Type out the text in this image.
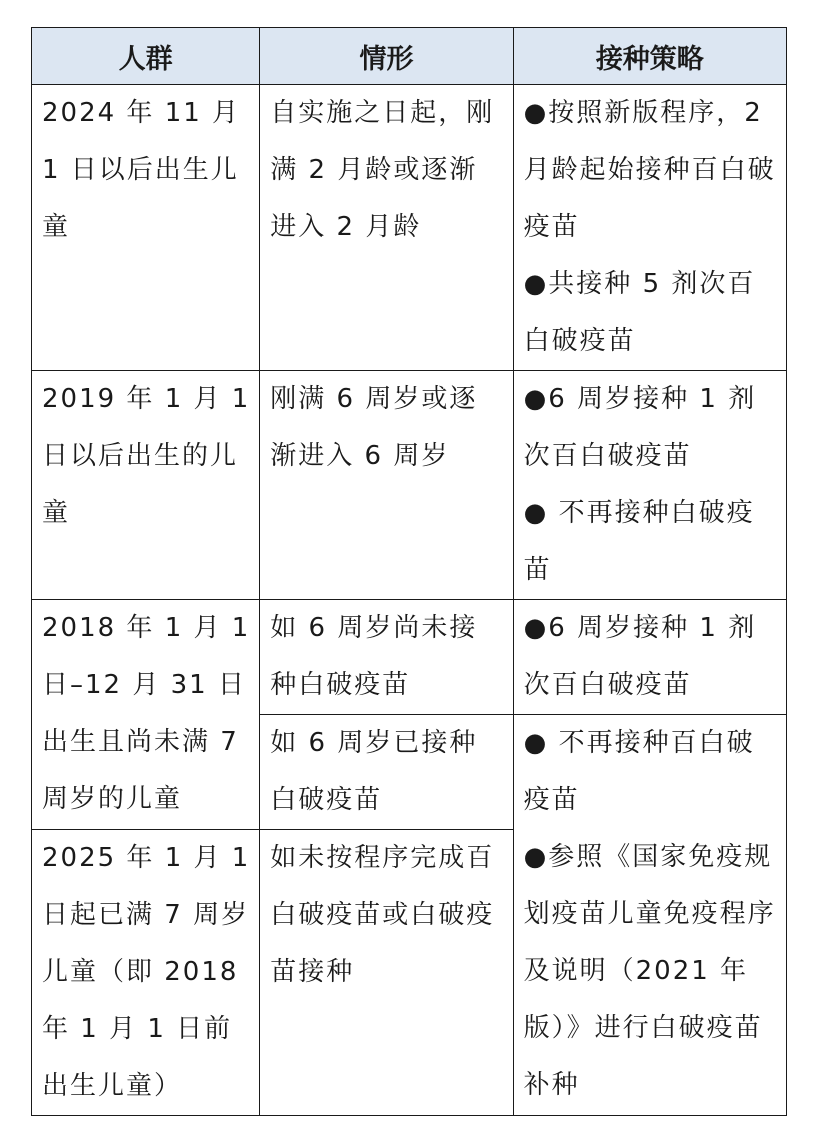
人群	情形	接种策略

2024 年 11 月 1 日以后出生儿童	自实施之日起，刚满 2 月龄或逐渐进入 2 月龄	●按照新版程序，2 月龄起始接种百白破疫苗
●共接种 5 剂次百白破疫苗

2019 年 1 月 1 日以后出生的儿童	刚满 6 周岁或逐渐进入 6 周岁	●6 周岁接种 1 剂次百白破疫苗
● 不再接种白破疫苗

2018 年 1 月 1 日–12 月 31 日出生且尚未满 7 周岁的儿童	如 6 周岁尚未接种白破疫苗	●6 周岁接种 1 剂次百白破疫苗

	如 6 周岁已接种白破疫苗	● 不再接种百白破疫苗
●参照《国家免疫规划疫苗儿童免疫程序及说明（2021 年版）》进行白破疫苗补种

2025 年 1 月 1 日起已满 7 周岁儿童（即 2018 年 1 月 1 日前出生儿童）	如未按程序完成百白破疫苗或白破疫苗接种	
